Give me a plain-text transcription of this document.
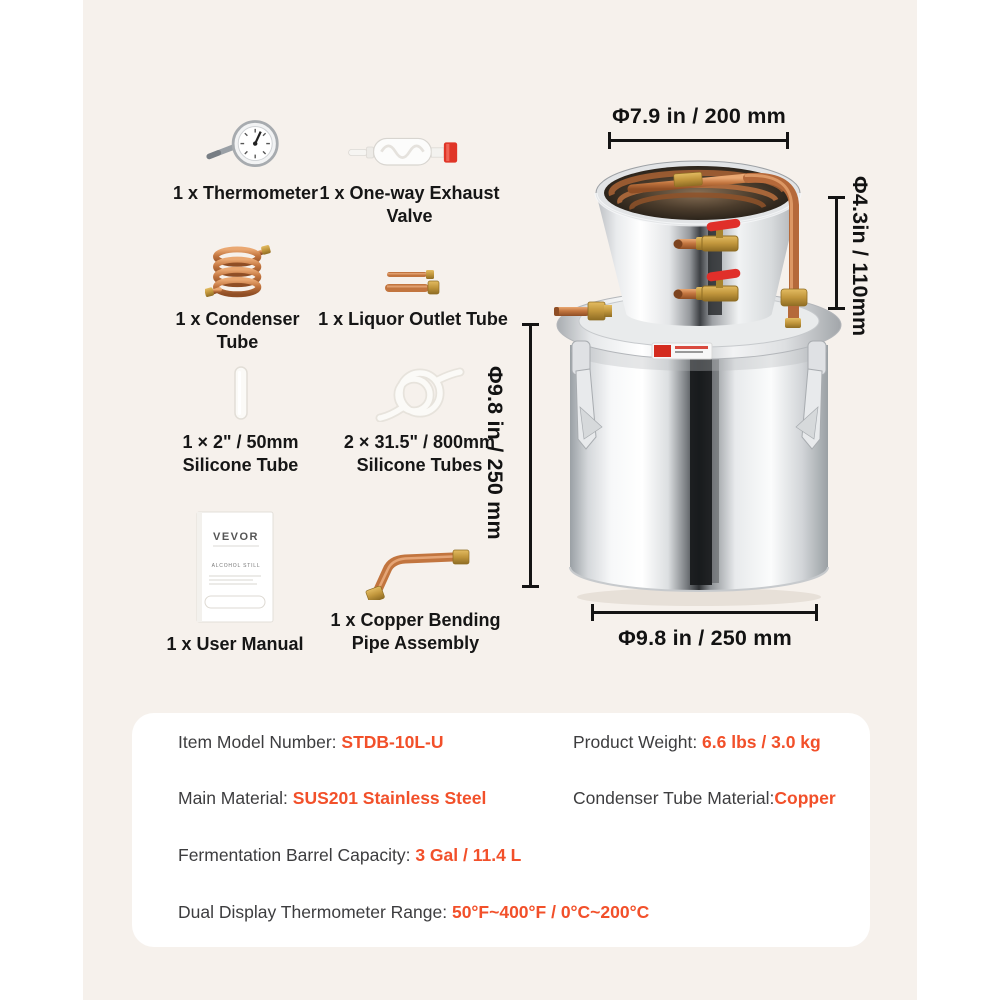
1 x Thermometer 1 x One-way Exhaust Valve
1 x Condenser Tube
1 x Liquor Outlet Tube
1 × 2" / 50mm
Silicone Tube
2 × 31.5" / 800mm
Silicone Tubes
VEVOR
ALCOHOL STILL
1 x User Manual
1 x Copper Bending
Pipe Assembly
Φ7.9 in / 200 mm
Φ4.3in / 110mm
Φ9.8 in / 250 mm
Φ9.8 in / 250 mm
Item Model Number: STDB-10L-U
Main Material: SUS201 Stainless Steel
Fermentation Barrel Capacity: 3 Gal / 11.4 L
Dual Display Thermometer Range: 50°F~400°F / 0°C~200°C
Product Weight: 6.6 lbs / 3.0 kg
Condenser Tube Material:Copper
